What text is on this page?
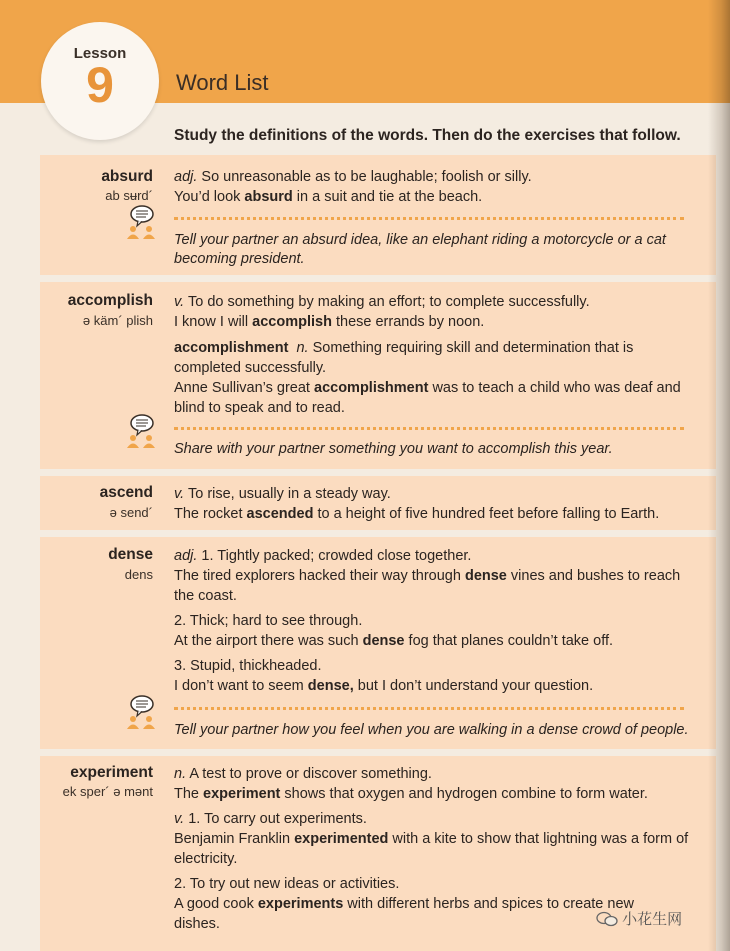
Lesson
9	Word List
Study the definitions of the words. Then do the exercises that follow.
absurd
ab sʉrd´
adj. So unreasonable as to be laughable; foolish or silly.
You’d look absurd in a suit and tie at the beach.
Tell your partner an absurd idea, like an elephant riding a motorcycle or a cat becoming president.
accomplish
ə käm´ plish
v. To do something by making an effort; to complete successfully.
I know I will accomplish these errands by noon.
accomplishment n. Something requiring skill and determination that is completed successfully.
Anne Sullivan’s great accomplishment was to teach a child who was deaf and blind to speak and to read.
Share with your partner something you want to accomplish this year.
ascend
ə send´
v. To rise, usually in a steady way.
The rocket ascended to a height of five hundred feet before falling to Earth.
dense
dens
adj. 1. Tightly packed; crowded close together.
The tired explorers hacked their way through dense vines and bushes to reach the coast.
2. Thick; hard to see through.
At the airport there was such dense fog that planes couldn’t take off.
3. Stupid, thickheaded.
I don’t want to seem dense, but I don’t understand your question.
Tell your partner how you feel when you are walking in a dense crowd of people.
experiment
ek sper´ ə mənt
n. A test to prove or discover something.
The experiment shows that oxygen and hydrogen combine to form water.
v. 1. To carry out experiments.
Benjamin Franklin experimented with a kite to show that lightning was a form of electricity.
2. To try out new ideas or activities.
A good cook experiments with different herbs and spices to create new dishes.	小花生网
